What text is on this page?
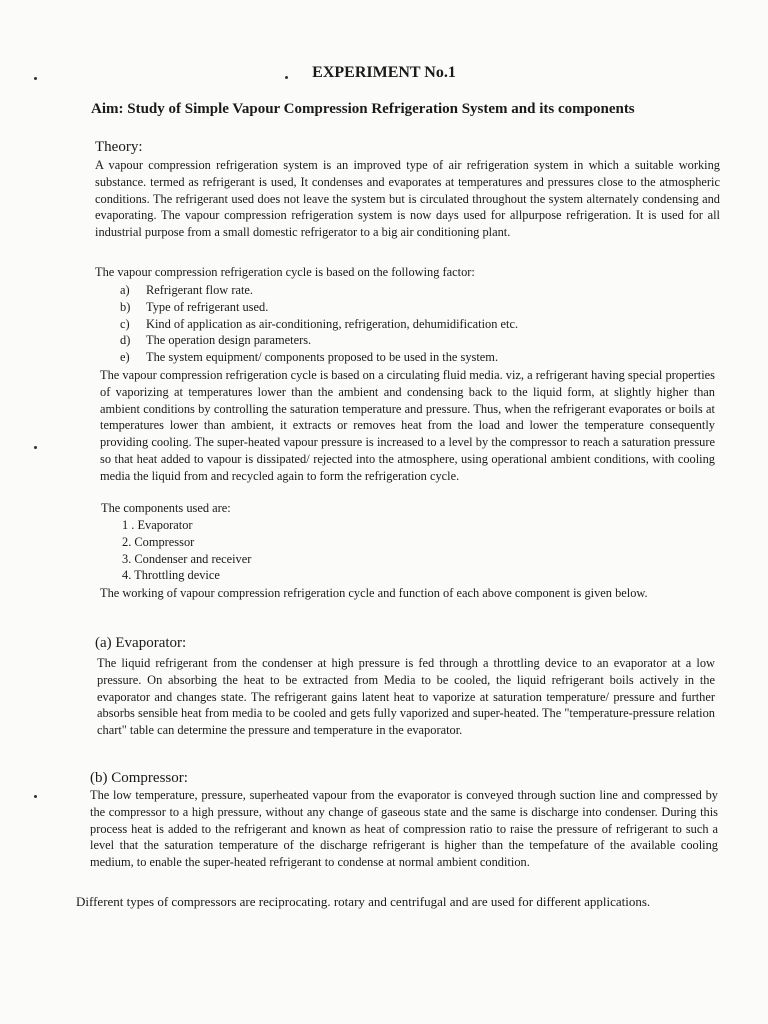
EXPERIMENT No.1
Aim: Study of Simple Vapour Compression Refrigeration System and its components
Theory:
A vapour compression refrigeration system is an improved type of air refrigeration system in which a suitable working substance. termed as refrigerant is used, It condenses and evaporates at temperatures and pressures close to the atmospheric conditions. The refrigerant used does not leave the system but is circulated throughout the system alternately condensing and evaporating. The vapour compression refrigeration system is now days used for allpurpose refrigeration. It is used for all industrial purpose from a small domestic refrigerator to a big air conditioning plant.
The vapour compression refrigeration cycle is based on the following factor:
a) Refrigerant flow rate.
b) Type of refrigerant used.
c) Kind of application as air-conditioning, refrigeration, dehumidification etc.
d) The operation design parameters.
e) The system equipment/ components proposed to be used in the system.
The vapour compression refrigeration cycle is based on a circulating fluid media. viz, a refrigerant having special properties of vaporizing at temperatures lower than the ambient and condensing back to the liquid form, at slightly higher than ambient conditions by controlling the saturation temperature and pressure. Thus, when the refrigerant evaporates or boils at temperatures lower than ambient, it extracts or removes heat from the load and lower the temperature consequently providing cooling. The super-heated vapour pressure is increased to a level by the compressor to reach a saturation pressure so that heat added to vapour is dissipated/ rejected into the atmosphere, using operational ambient conditions, with cooling media the liquid from and recycled again to form the refrigeration cycle.
The components used are:
1 . Evaporator
2. Compressor
3. Condenser and receiver
4. Throttling device
The working of vapour compression refrigeration cycle and function of each above component is given below.
(a) Evaporator:
The liquid refrigerant from the condenser at high pressure is fed through a throttling device to an evaporator at a low pressure. On absorbing the heat to be extracted from Media to be cooled, the liquid refrigerant boils actively in the evaporator and changes state. The refrigerant gains latent heat to vaporize at saturation temperature/ pressure and further absorbs sensible heat from media to be cooled and gets fully vaporized and super-heated. The "temperature-pressure relation chart" table can determine the pressure and temperature in the evaporator.
(b) Compressor:
The low temperature, pressure, superheated vapour from the evaporator is conveyed through suction line and compressed by the compressor to a high pressure, without any change of gaseous state and the same is discharge into condenser. During this process heat is added to the refrigerant and known as heat of compression ratio to raise the pressure of refrigerant to such a level that the saturation temperature of the discharge refrigerant is higher than the tempefature of the available cooling medium, to enable the super-heated refrigerant to condense at normal ambient condition.
Different types of compressors are reciprocating. rotary and centrifugal and are used for different applications.
